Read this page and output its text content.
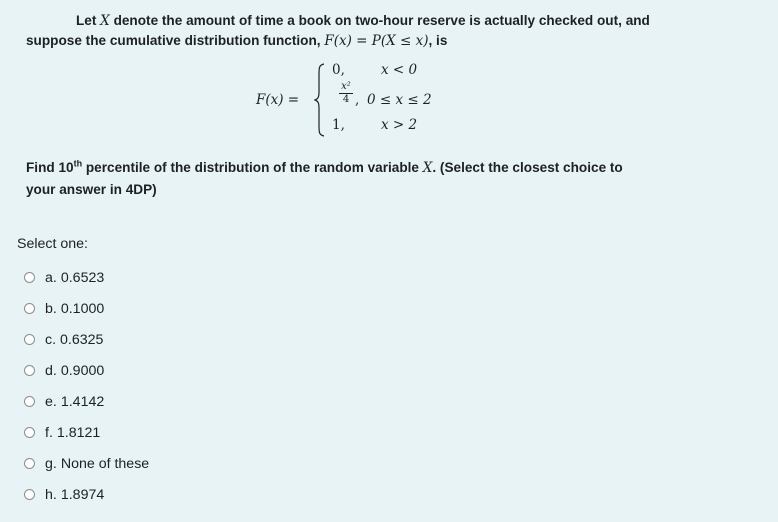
Let X denote the amount of time a book on two-hour reserve is actually checked out, and

suppose the cumulative distribution function, F(x) = P(X ≤ x), is

F(x) =
0,	x < 0
x²
4 , 0 ≤ x ≤ 2
1,	x > 2
Find 10th percentile of the distribution of the random variable X. (Select the closest choice to
your answer in 4DP)
Select one:
a. 0.6523
b. 0.1000
c. 0.6325
d. 0.9000
e. 1.4142
f. 1.8121
g. None of these
h. 1.8974
